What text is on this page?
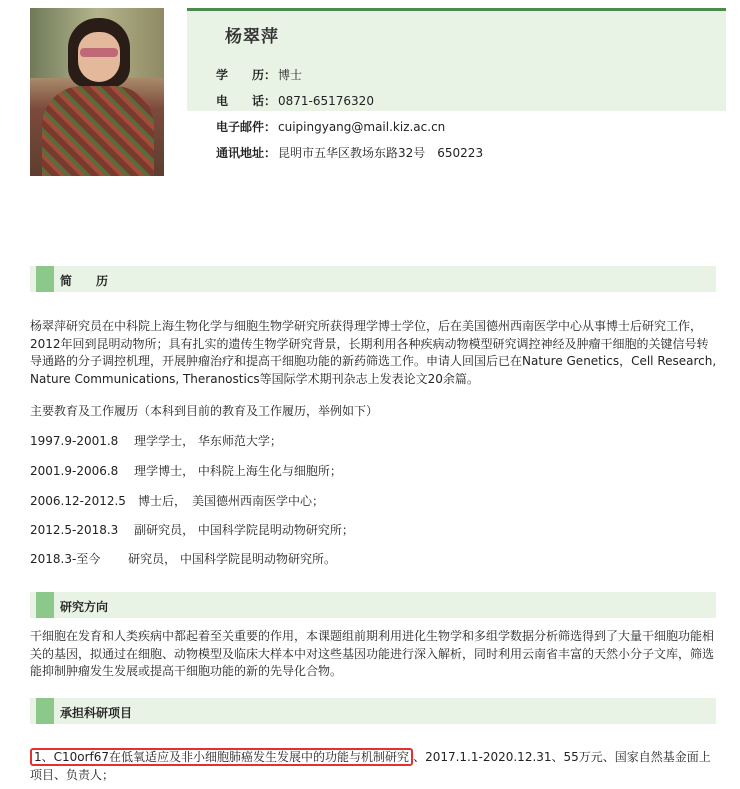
杨翠萍
学　　历： 博士
电　　话： 0871-65176320
电子邮件： cuipingyang@mail.kiz.ac.cn
通讯地址： 昆明市五华区教场东路32号　650223
简　　历
杨翠萍研究员在中科院上海生物化学与细胞生物学研究所获得理学博士学位，后在美国德州西南医学中心从事博士后研究工作，2012年回到昆明动物所；具有扎实的遗传生物学研究背景，长期利用各种疾病动物模型研究调控神经及肿瘤干细胞的关键信号转导通路的分子调控机理，开展肿瘤治疗和提高干细胞功能的新药筛选工作。申请人回国后已在Nature Genetics，Cell Research, Nature Communications, Theranostics等国际学术期刊杂志上发表论文20余篇。
主要教育及工作履历（本科到目前的教育及工作履历，举例如下）
1997.9-2001.8　 理学学士， 华东师范大学；
2001.9-2006.8　 理学博士， 中科院上海生化与细胞所；
2006.12-2012.5　博士后，　美国德州西南医学中心；
2012.5-2018.3　 副研究员， 中国科学院昆明动物研究所；
2018.3-至今　　 研究员， 中国科学院昆明动物研究所。
研究方向
干细胞在发育和人类疾病中都起着至关重要的作用，本课题组前期利用进化生物学和多组学数据分析筛选得到了大量干细胞功能相关的基因，拟通过在细胞、动物模型及临床大样本中对这些基因功能进行深入解析，同时利用云南省丰富的天然小分子文库，筛选能抑制肿瘤发生发展或提高干细胞功能的新的先导化合物。
承担科研项目
1、C10orf67在低氧适应及非小细胞肺癌发生发展中的功能与机制研究 、2017.1.1-2020.12.31、55万元、国家自然基金面上项目、负责人；
